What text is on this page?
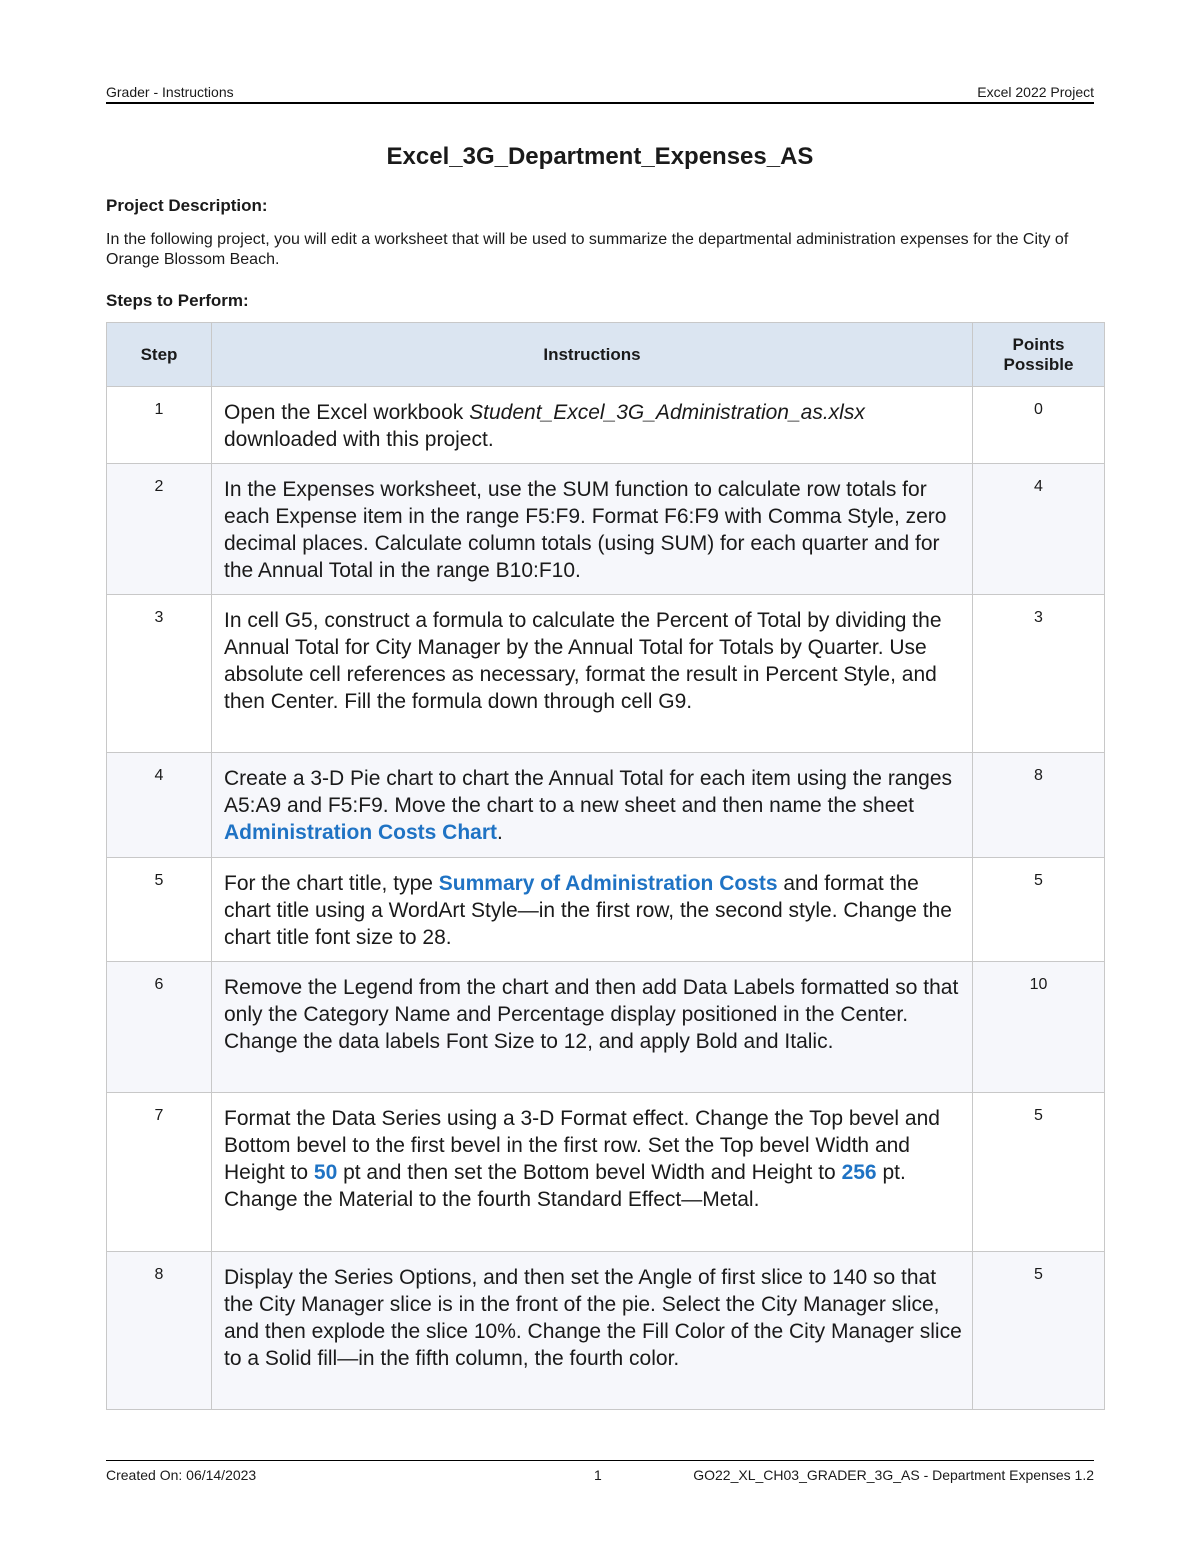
Grader - Instructions	Excel 2022 Project
Excel_3G_Department_Expenses_AS
Project Description:
In the following project, you will edit a worksheet that will be used to summarize the departmental administration expenses for the City of Orange Blossom Beach.
Steps to Perform:
Step	Instructions	Points Possible
1	Open the Excel workbook Student_Excel_3G_Administration_as.xlsx downloaded with this project.	0
2	In the Expenses worksheet, use the SUM function to calculate row totals for each Expense item in the range F5:F9. Format F6:F9 with Comma Style, zero decimal places. Calculate column totals (using SUM) for each quarter and for the Annual Total in the range B10:F10.	4
3	In cell G5, construct a formula to calculate the Percent of Total by dividing the Annual Total for City Manager by the Annual Total for Totals by Quarter. Use absolute cell references as necessary, format the result in Percent Style, and then Center. Fill the formula down through cell G9.	3
4	Create a 3-D Pie chart to chart the Annual Total for each item using the ranges A5:A9 and F5:F9. Move the chart to a new sheet and then name the sheet Administration Costs Chart.	8
5	For the chart title, type Summary of Administration Costs and format the chart title using a WordArt Style—in the first row, the second style. Change the chart title font size to 28.	5
6	Remove the Legend from the chart and then add Data Labels formatted so that only the Category Name and Percentage display positioned in the Center. Change the data labels Font Size to 12, and apply Bold and Italic.	10
7	Format the Data Series using a 3-D Format effect. Change the Top bevel and Bottom bevel to the first bevel in the first row. Set the Top bevel Width and Height to 50 pt and then set the Bottom bevel Width and Height to 256 pt. Change the Material to the fourth Standard Effect—Metal.	5
8	Display the Series Options, and then set the Angle of first slice to 140 so that the City Manager slice is in the front of the pie. Select the City Manager slice, and then explode the slice 10%. Change the Fill Color of the City Manager slice to a Solid fill—in the fifth column, the fourth color.	5
Created On: 06/14/2023	1	GO22_XL_CH03_GRADER_3G_AS - Department Expenses 1.2
